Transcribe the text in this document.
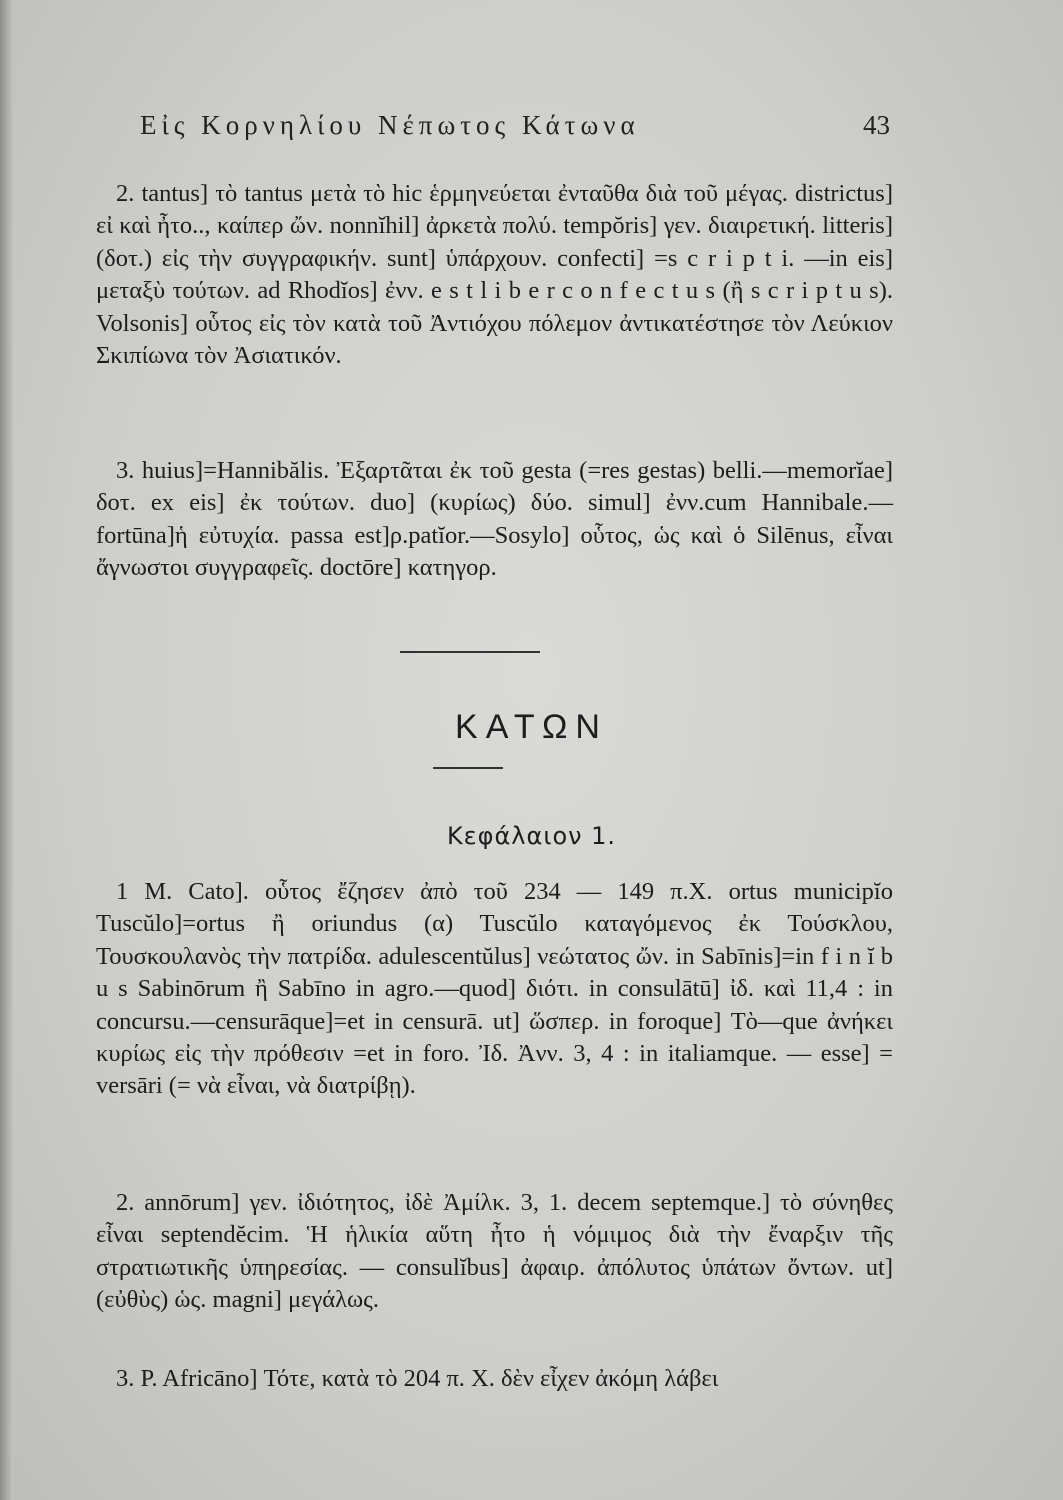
Εἰς Κορνηλίου Νέπωτος Κάτωνα	43

2. tantus] τὸ tantus μετὰ τὸ hic ἑρμηνεύεται ἐνταῦθα διὰ τοῦ μέγας. districtus] εἰ καὶ ἦτο.., καίπερ ὤν. nonnĭhil] ἀρκετὰ πολύ. tempŏris] γεν. διαιρετική. litteris] (δοτ.) εἰς τὴν συγγραφικήν. sunt] ὑπάρχουν. confecti] =s c r i p t i. —in eis] μεταξὺ τούτων. ad Rhodĭos] ἐνν. e s t l i b e r c o n f e c t u s (ἢ s c r i p t u s). Volsonis] οὗτος εἰς τὸν κατὰ τοῦ Ἀντιόχου πόλεμον ἀντικατέστησε τὸν Λεύκιον Σκιπίωνα τὸν Ἀσιατικόν.

3. huius]=Hannibălis. Ἐξαρτᾶται ἐκ τοῦ gesta (=res gestas) belli.—memorĭae] δοτ. ex eis] ἐκ τούτων. duo] (κυρίως) δύο. simul] ἐνν.cum Hannibale.—fortūna]ἡ εὐτυχία. passa est]ρ.patĭor.—Sosylo] οὗτος, ὡς καὶ ὁ Silēnus, εἶναι ἄγνωστοι συγγραφεῖς. doctōre] κατηγορ.

ΚΑΤΩΝ
Κεφάλαιον 1.

1 M. Cato]. οὗτος ἔζησεν ἀπὸ τοῦ 234 — 149 π.Χ. ortus municipĭo Tuscŭlo]=ortus ἢ oriundus (α) Tuscŭlo καταγόμενος ἐκ Τούσκλου, Τουσκουλανὸς τὴν πατρίδα. adulescentŭlus] νεώτατος ὤν. in Sabīnis]=in f i n ĭ b u s Sabinōrum ἢ Sabīno in agro.—quod] διότι. in consulātū] ἰδ. καὶ 11,4 : in concursu.—censurāque]=et in censurā. ut] ὥσπερ. in foroque] Τὸ—que ἀνήκει κυρίως εἰς τὴν πρόθεσιν =et in foro. Ἰδ. Ἀνν. 3, 4 : in italiamque. — esse] = versāri (= νὰ εἶναι, νὰ διατρίβῃ).

2. annōrum] γεν. ἰδιότητος, ἰδὲ Ἀμίλκ. 3, 1. decem septemque.] τὸ σύνηθες εἶναι septendĕcim. Ἡ ἡλικία αὕτη ἦτο ἡ νόμιμος διὰ τὴν ἔναρξιν τῆς στρατιωτικῆς ὑπηρεσίας. — consulĭbus] ἀφαιρ. ἀπόλυτος ὑπάτων ὄντων. ut] (εὐθὺς) ὡς. magni] μεγάλως.

3. P. Africāno] Τότε, κατὰ τὸ 204 π. Χ. δὲν εἶχεν ἀκόμη λάβει
